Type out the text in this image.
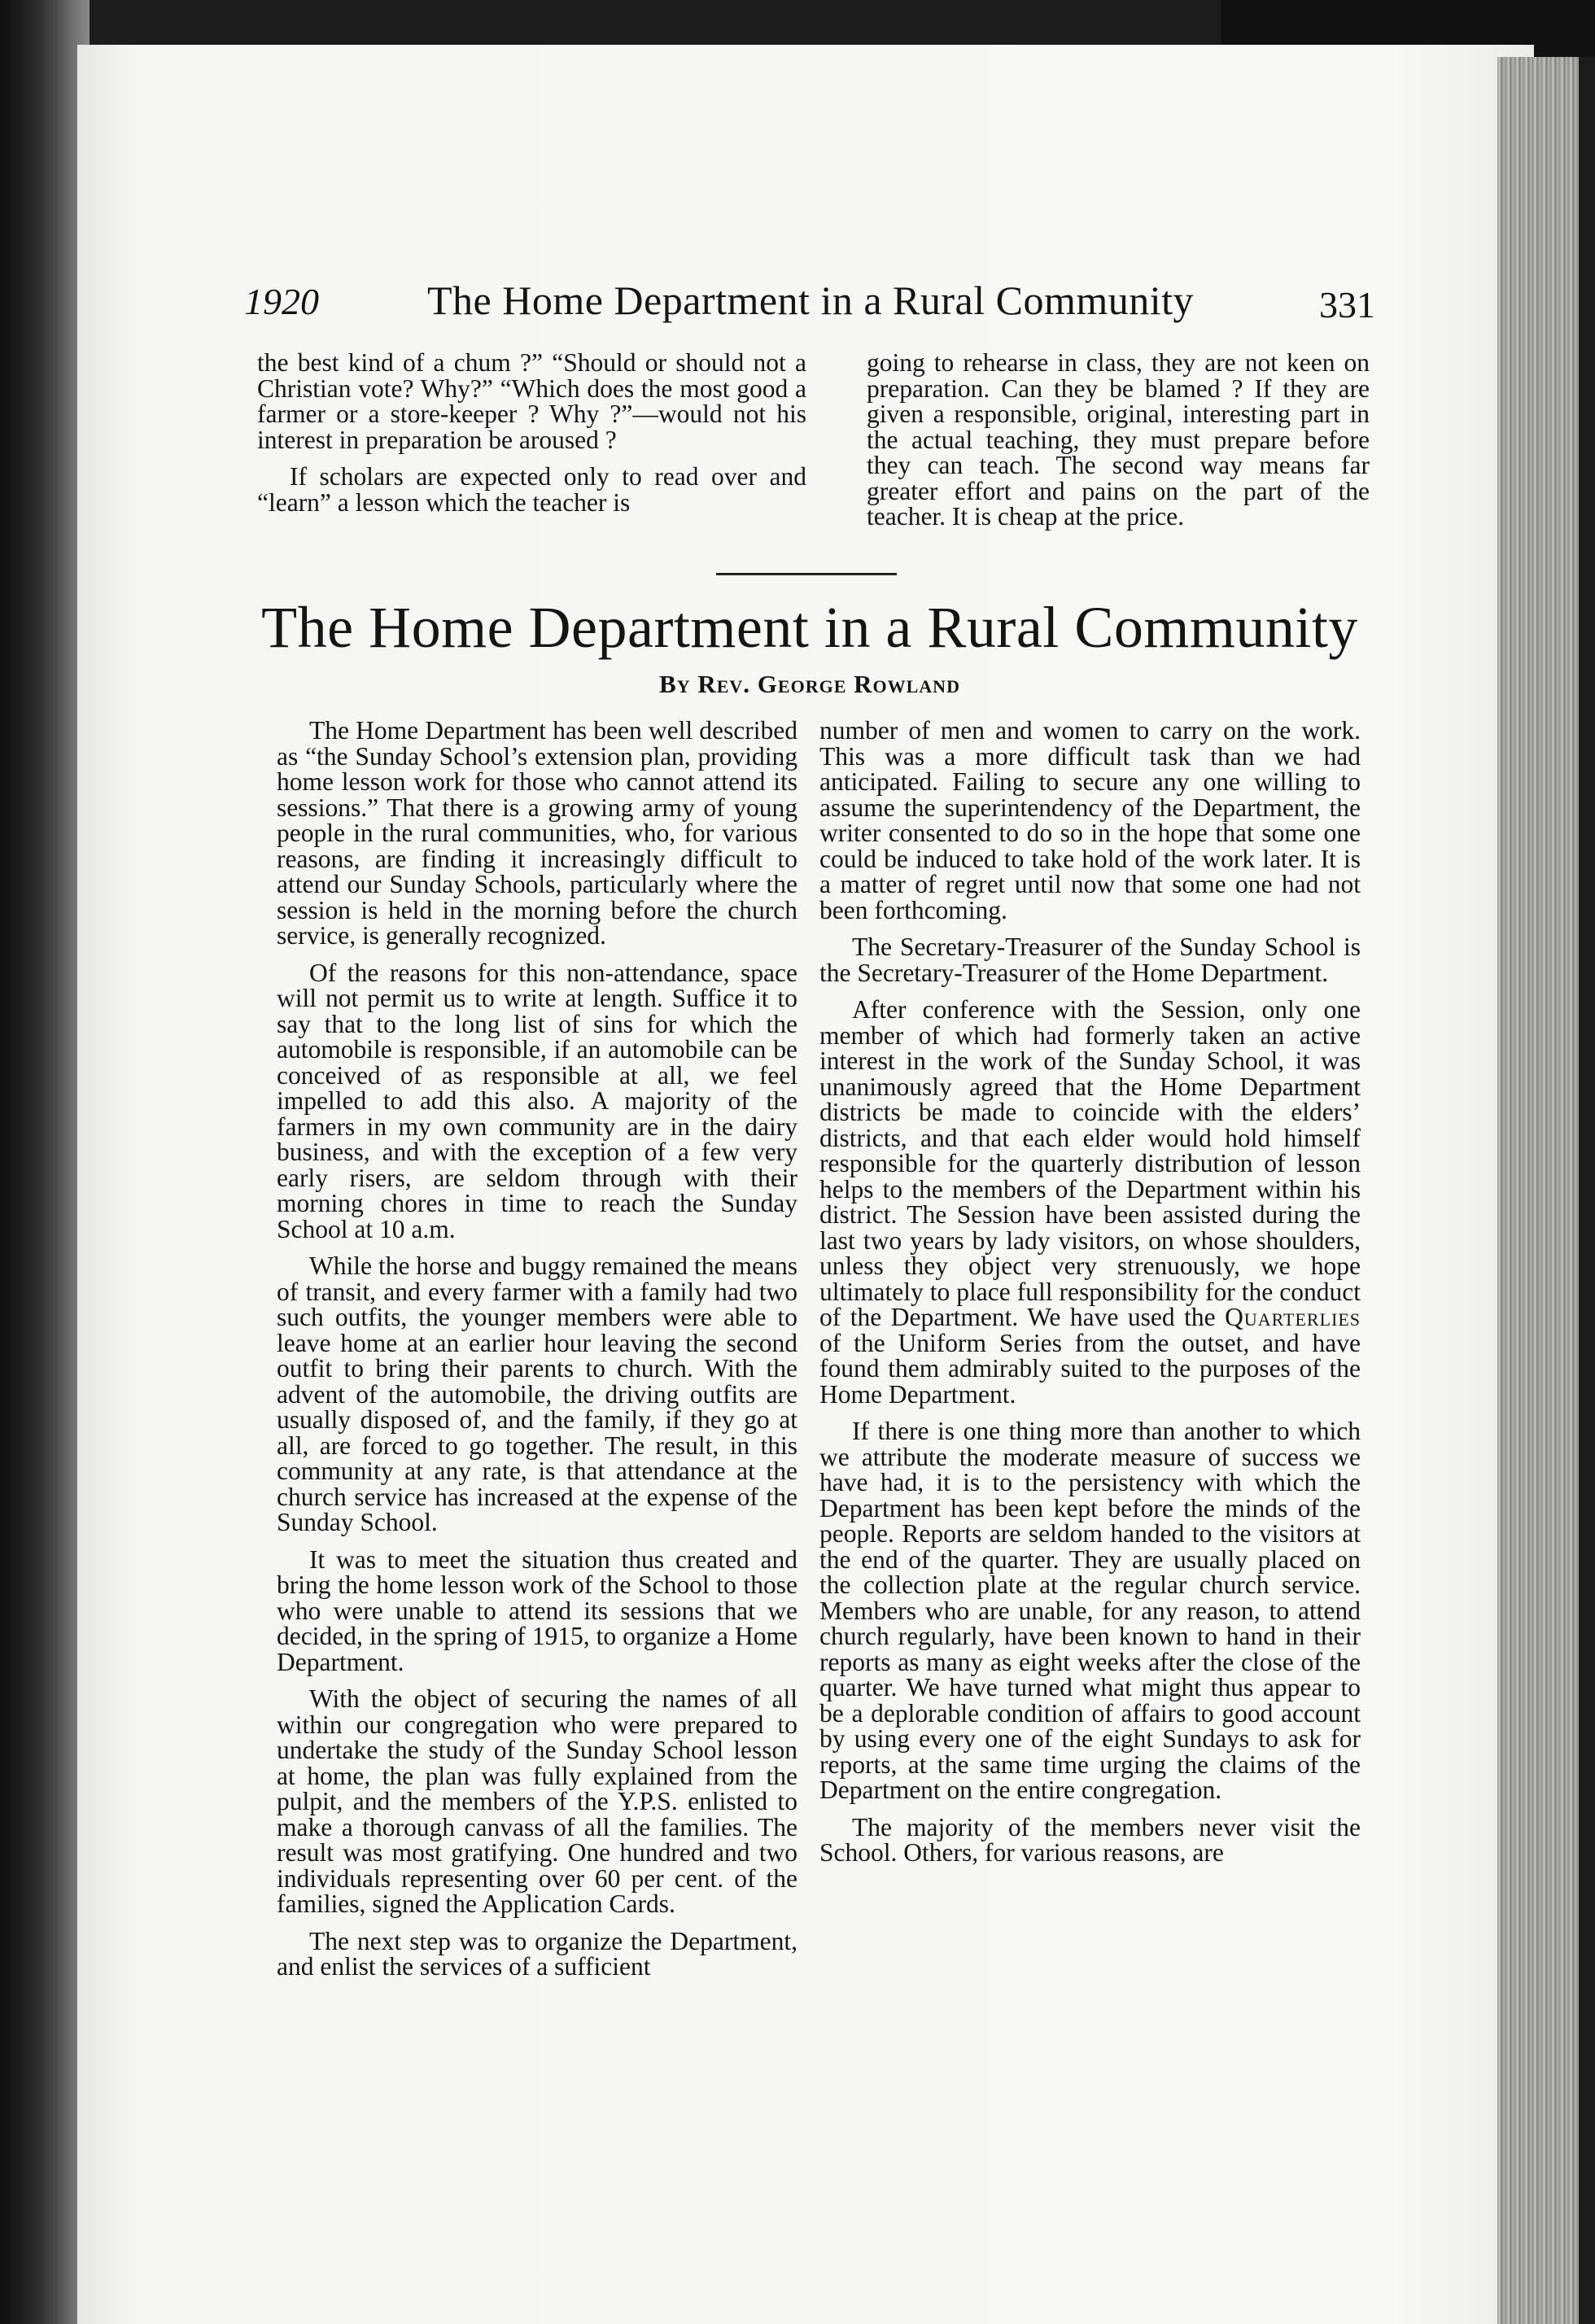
1920	The Home Department in a Rural Community	331

the best kind of a chum ?” “Should or should not a Christian vote? Why?” “Which does the most good a farmer or a store-keeper ? Why ?”—would not his interest in preparation be aroused ?

If scholars are expected only to read over and “learn” a lesson which the teacher is

going to rehearse in class, they are not keen on preparation. Can they be blamed ? If they are given a responsible, original, interesting part in the actual teaching, they must prepare before they can teach. The second way means far greater effort and pains on the part of the teacher. It is cheap at the price.

The Home Department in a Rural Community
By Rev. George Rowland

The Home Department has been well described as “the Sunday School’s extension plan, providing home lesson work for those who cannot attend its sessions.” That there is a growing army of young people in the rural communities, who, for various reasons, are finding it increasingly difficult to attend our Sunday Schools, particularly where the session is held in the morning before the church service, is generally recognized.

Of the reasons for this non-attendance, space will not permit us to write at length. Suffice it to say that to the long list of sins for which the automobile is responsible, if an automobile can be conceived of as responsible at all, we feel impelled to add this also. A majority of the farmers in my own community are in the dairy business, and with the exception of a few very early risers, are seldom through with their morning chores in time to reach the Sunday School at 10 a.m.

While the horse and buggy remained the means of transit, and every farmer with a family had two such outfits, the younger members were able to leave home at an earlier hour leaving the second outfit to bring their parents to church. With the advent of the automobile, the driving outfits are usually disposed of, and the family, if they go at all, are forced to go together. The result, in this community at any rate, is that attendance at the church service has increased at the expense of the Sunday School.

It was to meet the situation thus created and bring the home lesson work of the School to those who were unable to attend its sessions that we decided, in the spring of 1915, to organize a Home Department.

With the object of securing the names of all within our congregation who were prepared to undertake the study of the Sunday School lesson at home, the plan was fully explained from the pulpit, and the members of the Y.P.S. enlisted to make a thorough canvass of all the families. The result was most gratifying. One hundred and two individuals representing over 60 per cent. of the families, signed the Application Cards.

The next step was to organize the Department, and enlist the services of a sufficient

number of men and women to carry on the work. This was a more difficult task than we had anticipated. Failing to secure any one willing to assume the superintendency of the Department, the writer consented to do so in the hope that some one could be induced to take hold of the work later. It is a matter of regret until now that some one had not been forthcoming.

The Secretary-Treasurer of the Sunday School is the Secretary-Treasurer of the Home Department.

After conference with the Session, only one member of which had formerly taken an active interest in the work of the Sunday School, it was unanimously agreed that the Home Department districts be made to coincide with the elders’ districts, and that each elder would hold himself responsible for the quarterly distribution of lesson helps to the members of the Department within his district. The Session have been assisted during the last two years by lady visitors, on whose shoulders, unless they object very strenuously, we hope ultimately to place full responsibility for the conduct of the Department. We have used the Quarterlies of the Uniform Series from the outset, and have found them admirably suited to the purposes of the Home Department.

If there is one thing more than another to which we attribute the moderate measure of success we have had, it is to the persistency with which the Department has been kept before the minds of the people. Reports are seldom handed to the visitors at the end of the quarter. They are usually placed on the collection plate at the regular church service. Members who are unable, for any reason, to attend church regularly, have been known to hand in their reports as many as eight weeks after the close of the quarter. We have turned what might thus appear to be a deplorable condition of affairs to good account by using every one of the eight Sundays to ask for reports, at the same time urging the claims of the Department on the entire congregation.

The majority of the members never visit the School. Others, for various reasons, are
